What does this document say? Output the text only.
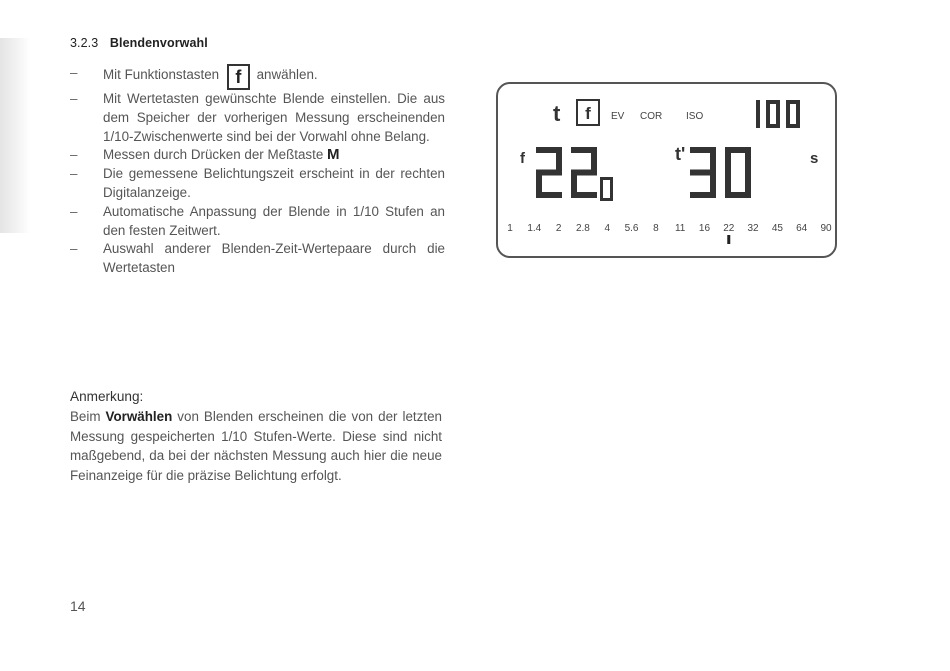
3.2.3 Blendenvorwahl
– Mit Funktionstasten f anwählen.
– Mit Wertetasten gewünschte Blende einstellen. Die aus dem Speicher der vorherigen Messung erscheinenden 1/10-Zwischenwerte sind bei der Vorwahl ohne Belang.
– Messen durch Drücken der Meßtaste M
– Die gemessene Belichtungszeit erscheint in der rechten Digitalanzeige.
– Automatische Anpassung der Blende in 1/10 Stufen an den festen Zeitwert.
– Auswahl anderer Blenden-Zeit-Wertepaare durch die Wertetasten
Anmerkung:

Beim Vorwählen von Blenden erscheinen die von der letzten Messung gespeicherten 1/10 Stufen-Werte. Diese sind nicht maßgebend, da bei der nächsten Messung auch hier die neue Feinanzeige für die präzise Belichtung erfolgt.

14
t f EV COR ISO
f	t'	s
1 1.4 2 2.8 4 5.6 8 11 16 22 32 45 64 90
